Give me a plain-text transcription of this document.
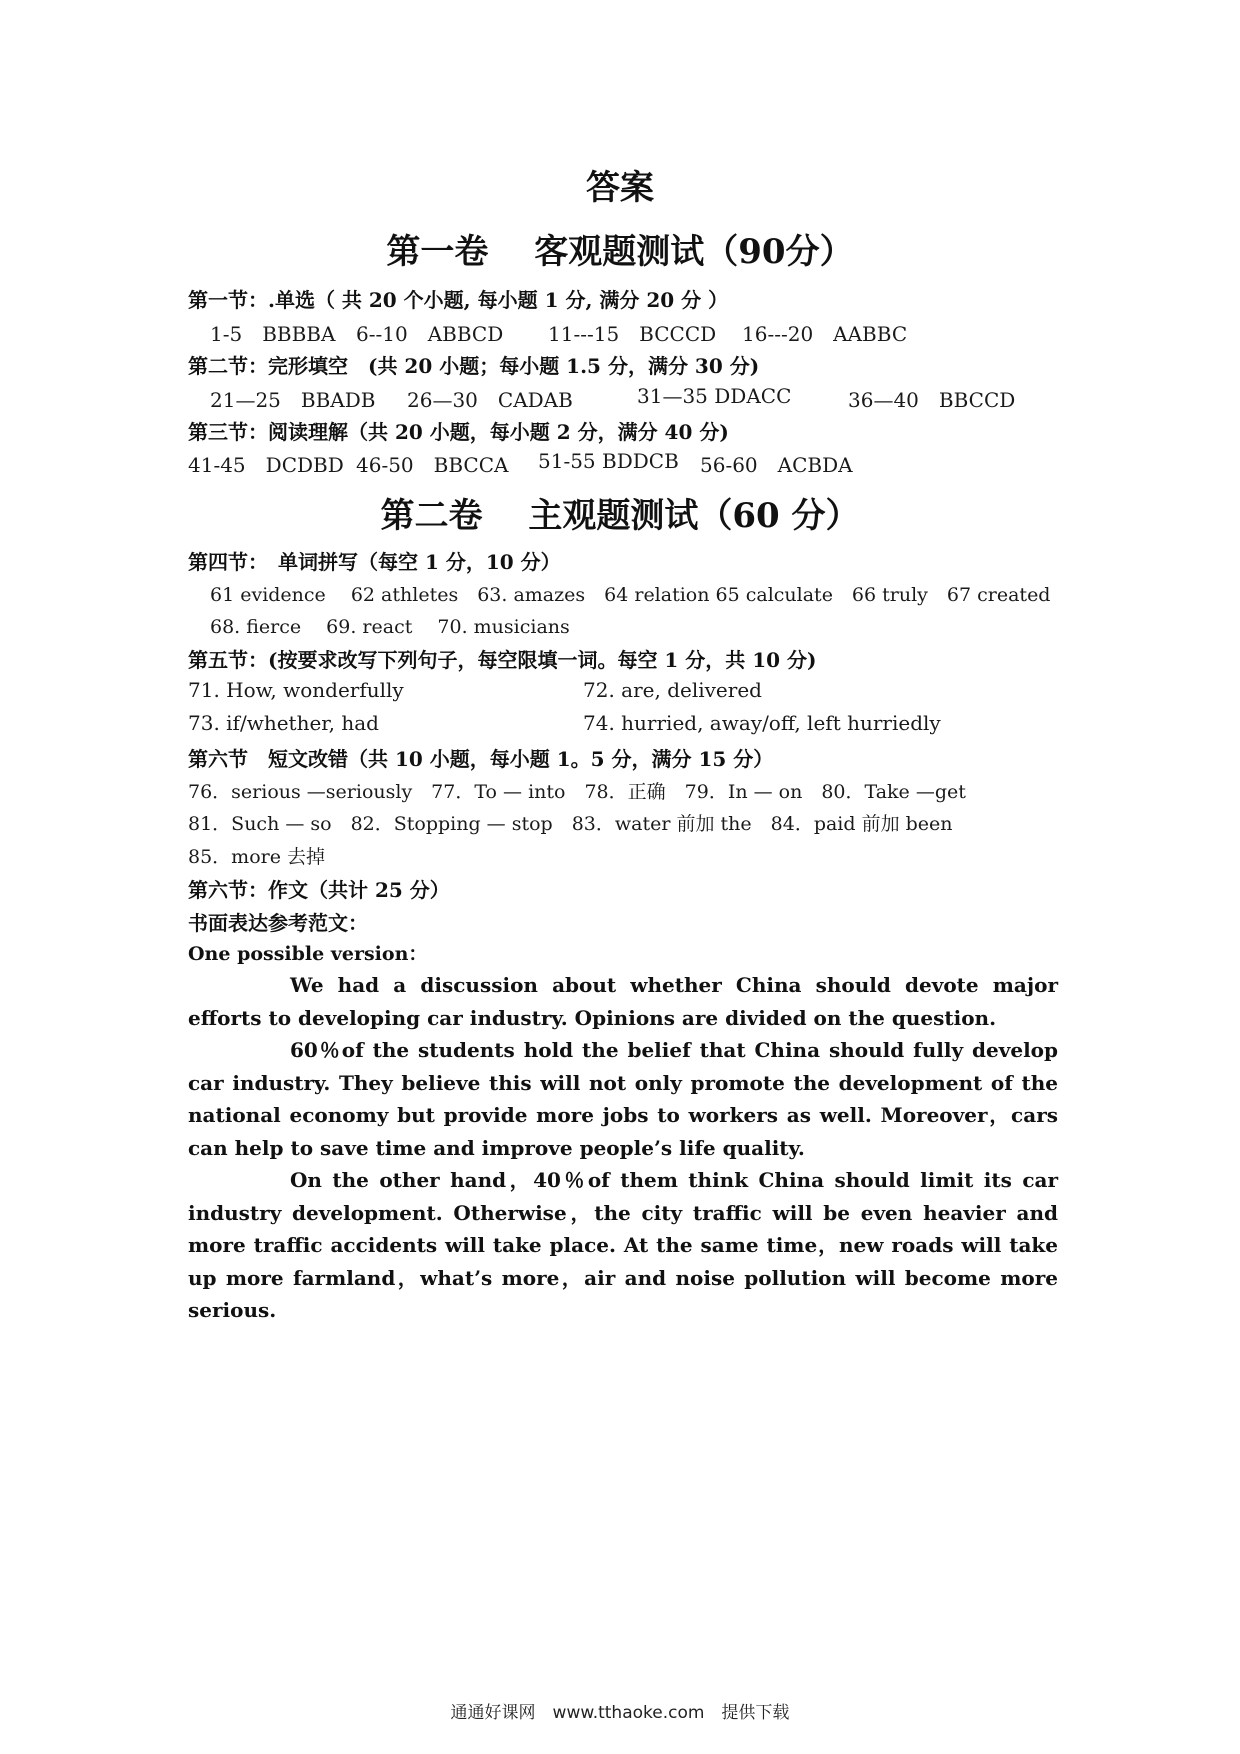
答案
第一卷　 客观题测试（90分）
第一节：.单选（ 共 20 个小题, 每小题 1 分, 满分 20 分 ）
1-5　BBBBA 6--10　ABBCD 11---15　BCCCD 16---20　AABBC
第二节：完形填空　(共 20 小题；每小题 1.5 分，满分 30 分)
21—25　BBADB 26—30　CADAB	31—35 DDACC	36—40　BBCCD
第三节：阅读理解（共 20 小题，每小题 2 分，满分 40 分)
41-45　DCDBD 46-50　BBCCA 51-55 BDDCB 56-60　ACBDA
第二卷　 主观题测试（60 分）
第四节：　单词拼写（每空 1 分，10 分）
61 evidence　 62 athletes　63. amazes　64 relation 65 calculate　66 truly　67 created
68. fierce　 69. react　 70. musicians
第五节：(按要求改写下列句子，每空限填一词。每空 1 分，共 10 分)
71. How, wonderfully	72. are, delivered
73. if/whether, had	74. hurried, away/off, left hurriedly
第六节　短文改错（共 10 小题，每小题 1。5 分，满分 15 分）
76．serious —seriously　77．To — into　78．正确　79．In — on　80．Take —get
81．Such — so　82．Stopping — stop　83．water 前加 the　84．paid 前加 been
85．more 去掉
第六节：作文（共计 25 分）
书面表达参考范文：
One possible version：

We had a discussion about whether China should devote major efforts to developing car industry. Opinions are divided on the question.

60％of the students hold the belief that China should fully develop car industry. They believe this will not only promote the development of the national economy but provide more jobs to workers as well. Moreover，cars can help to save time and improve people’s life quality.

On the other hand，40％of them think China should limit its car industry development. Otherwise，the city traffic will be even heavier and more traffic accidents will take place. At the same time，new roads will take up more farmland，what’s more，air and noise pollution will become more serious.

通通好课网　www.tthaoke.com　提供下载
